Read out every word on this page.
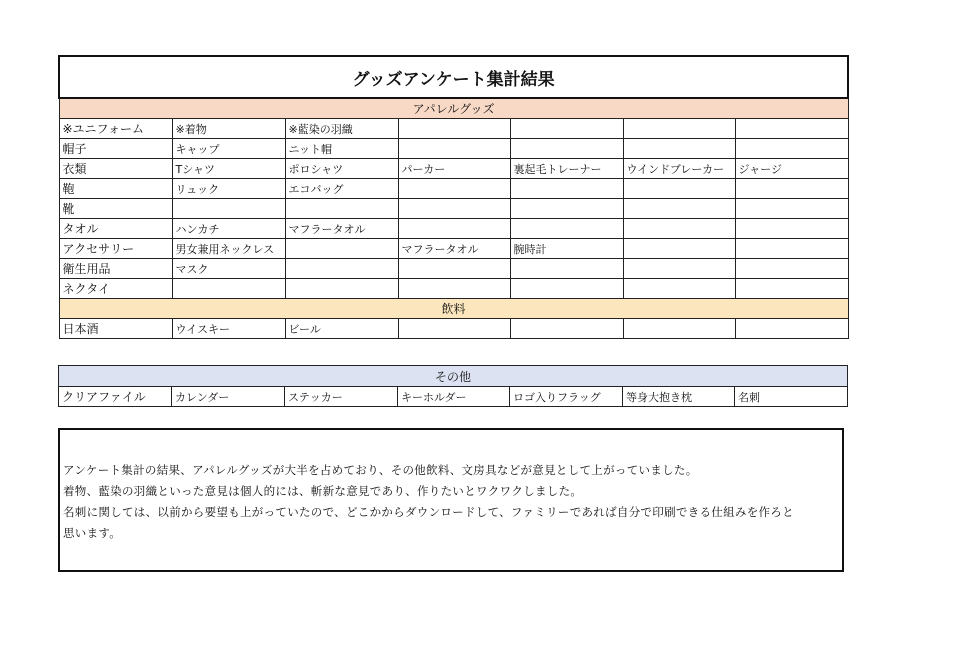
グッズアンケート集計結果						
アパレルグッズ						
※ユニフォーム	※着物	※藍染の羽織				
帽子	キャップ	ニット帽				
衣類	Tシャツ	ポロシャツ	パーカー	裏起毛トレーナー	ウインドブレーカー	ジャージ
鞄	リュック	エコバッグ				
靴						
タオル	ハンカチ	マフラータオル				
アクセサリー	男女兼用ネックレス		マフラータオル	腕時計		
衛生用品	マスク					
ネクタイ						
飲料						
日本酒	ウイスキー	ビール				
その他
クリアファイル	カレンダー	ステッカー	キーホルダー	ロゴ入りフラッグ	等身大抱き枕	名刺

アンケート集計の結果、アパレルグッズが大半を占めており、その他飲料、文房具などが意見として上がっていました。

着物、藍染の羽織といった意見は個人的には、斬新な意見であり、作りたいとワクワクしました。

名刺に関しては、以前から要望も上がっていたので、どこかからダウンロードして、ファミリーであれば自分で印刷できる仕組みを作ろと

思います。
